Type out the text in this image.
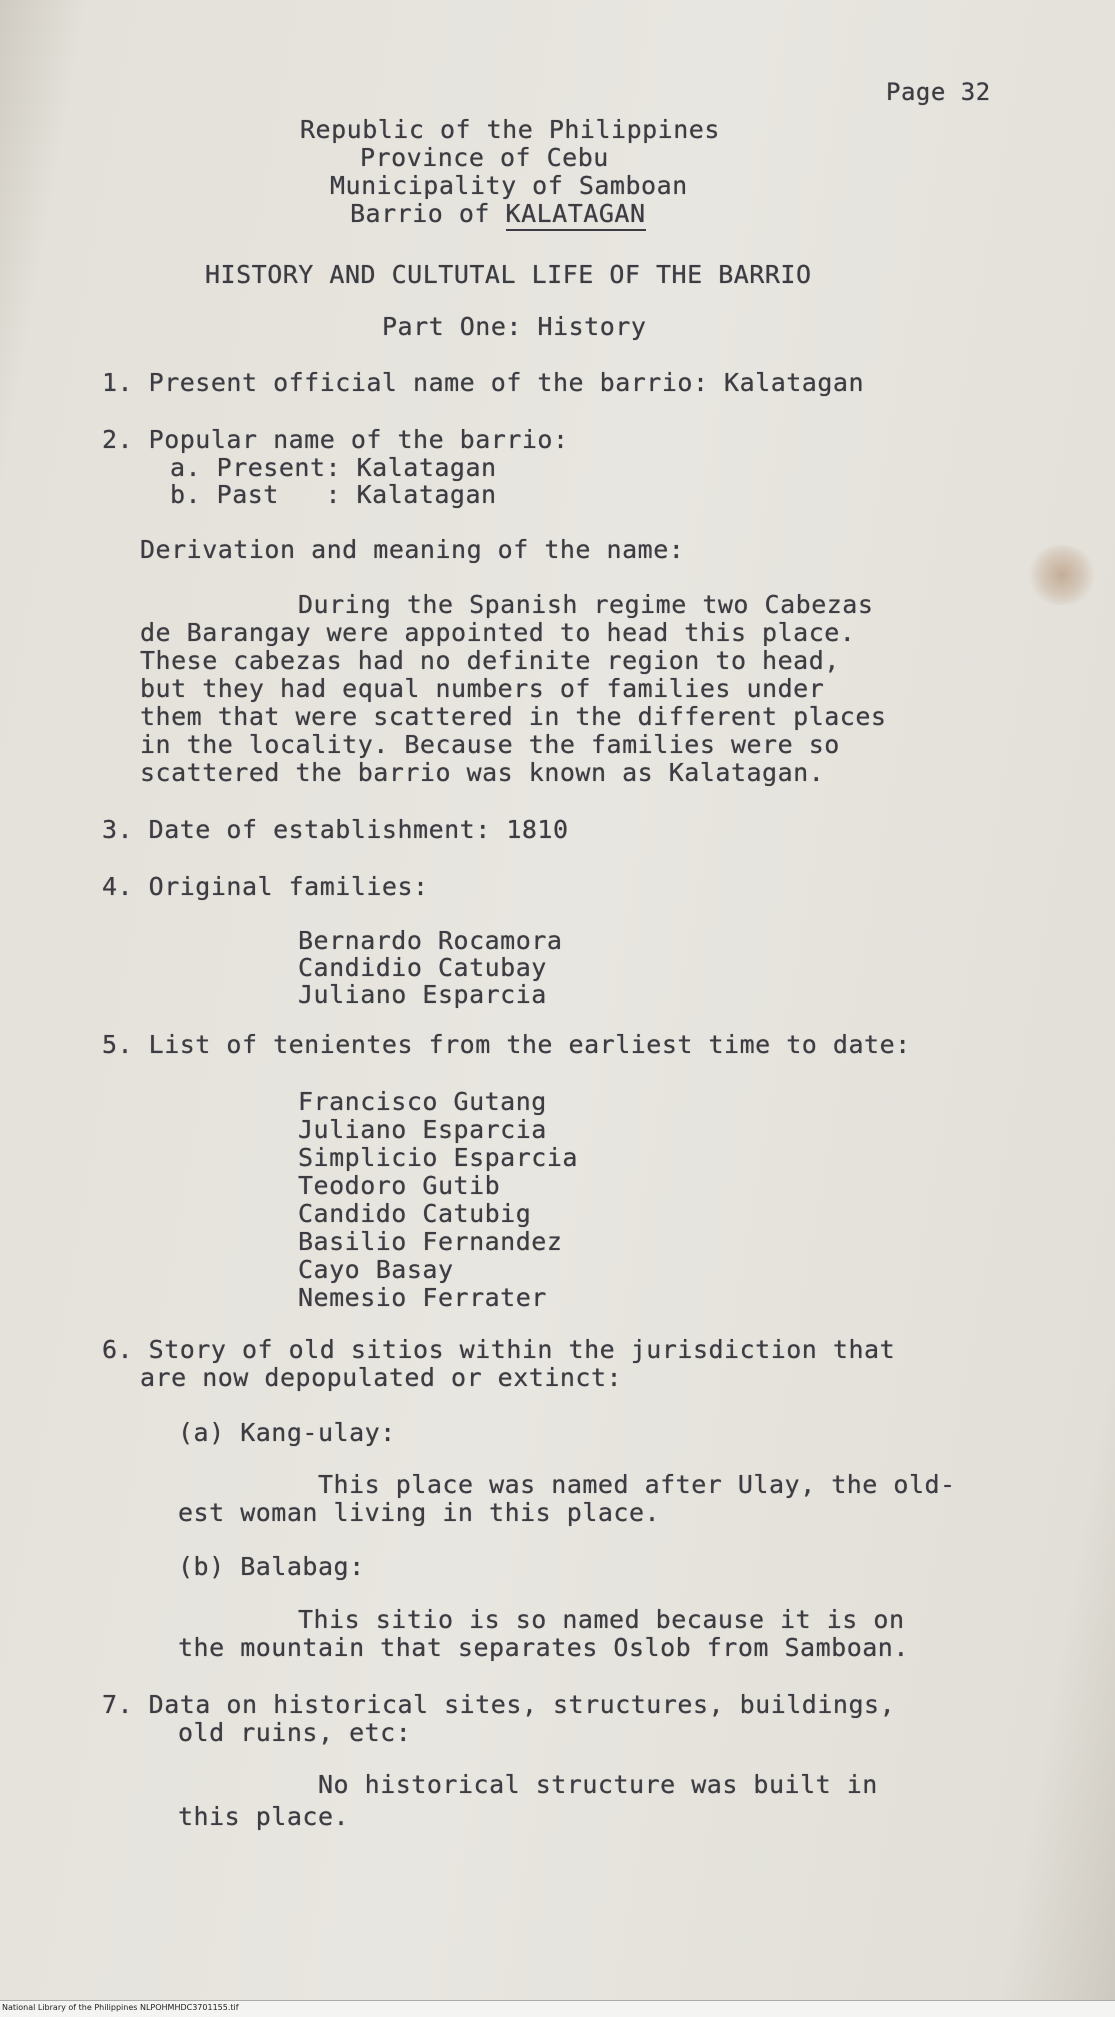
Page 32
Republic of the Philippines
Province of Cebu
Municipality of Samboan
Barrio of KALATAGAN
HISTORY AND CULTUTAL LIFE OF THE BARRIO
Part One: History
1. Present official name of the barrio: Kalatagan
2. Popular name of the barrio:
a. Present: Kalatagan
b. Past   : Kalatagan
Derivation and meaning of the name:
During the Spanish regime two Cabezas
de Barangay were appointed to head this place.
These cabezas had no definite region to head,
but they had equal numbers of families under
them that were scattered in the different places
in the locality. Because the families were so
scattered the barrio was known as Kalatagan.
3. Date of establishment: 1810
4. Original families:
Bernardo Rocamora
Candidio Catubay
Juliano Esparcia
5. List of tenientes from the earliest time to date:
Francisco Gutang
Juliano Esparcia
Simplicio Esparcia
Teodoro Gutib
Candido Catubig
Basilio Fernandez
Cayo Basay
Nemesio Ferrater
6. Story of old sitios within the jurisdiction that
are now depopulated or extinct:
(a) Kang-ulay:
This place was named after Ulay, the old-
est woman living in this place.
(b) Balabag:
This sitio is so named because it is on
the mountain that separates Oslob from Samboan.
7. Data on historical sites, structures, buildings,
old ruins, etc:
No historical structure was built in
this place.
National Library of the Philippines NLPOHMHDC3701155.tif
